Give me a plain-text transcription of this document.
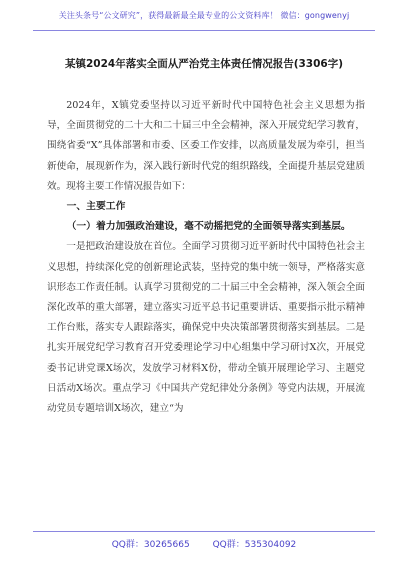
关注头条号“公文研究”，获得最新最全最专业的公文资料库！ 微信：gongwenyj
某镇2024年落实全面从严治党主体责任情况报告(3306字)

2024年，X镇党委坚持以习近平新时代中国特色社会主义思想为指导，全面贯彻党的二十大和二十届三中全会精神，深入开展党纪学习教育，围绕省委“X”具体部署和市委、区委工作安排，以高质量发展为牵引，担当新使命，展现新作为，深入践行新时代党的组织路线，全面提升基层党建质效。现将主要工作情况报告如下：

一、主要工作

（一）着力加强政治建设，毫不动摇把党的全面领导落实到基层。

一是把政治建设放在首位。全面学习贯彻习近平新时代中国特色社会主义思想，持续深化党的创新理论武装，坚持党的集中统一领导，严格落实意识形态工作责任制。认真学习贯彻党的二十届三中全会精神，深入领会全面深化改革的重大部署，建立落实习近平总书记重要讲话、重要指示批示精神工作台账，落实专人跟踪落实，确保党中央决策部署贯彻落实到基层。二是扎实开展党纪学习教育召开党委理论学习中心组集中学习研讨X次，开展党委书记讲党课X场次，发放学习材料X份，带动全镇开展理论学习、主题党日活动X场次。重点学习《中国共产党纪律处分条例》等党内法规，开展流动党员专题培训X场次，建立“为

QQ群：30265665	QQ群：535304092
